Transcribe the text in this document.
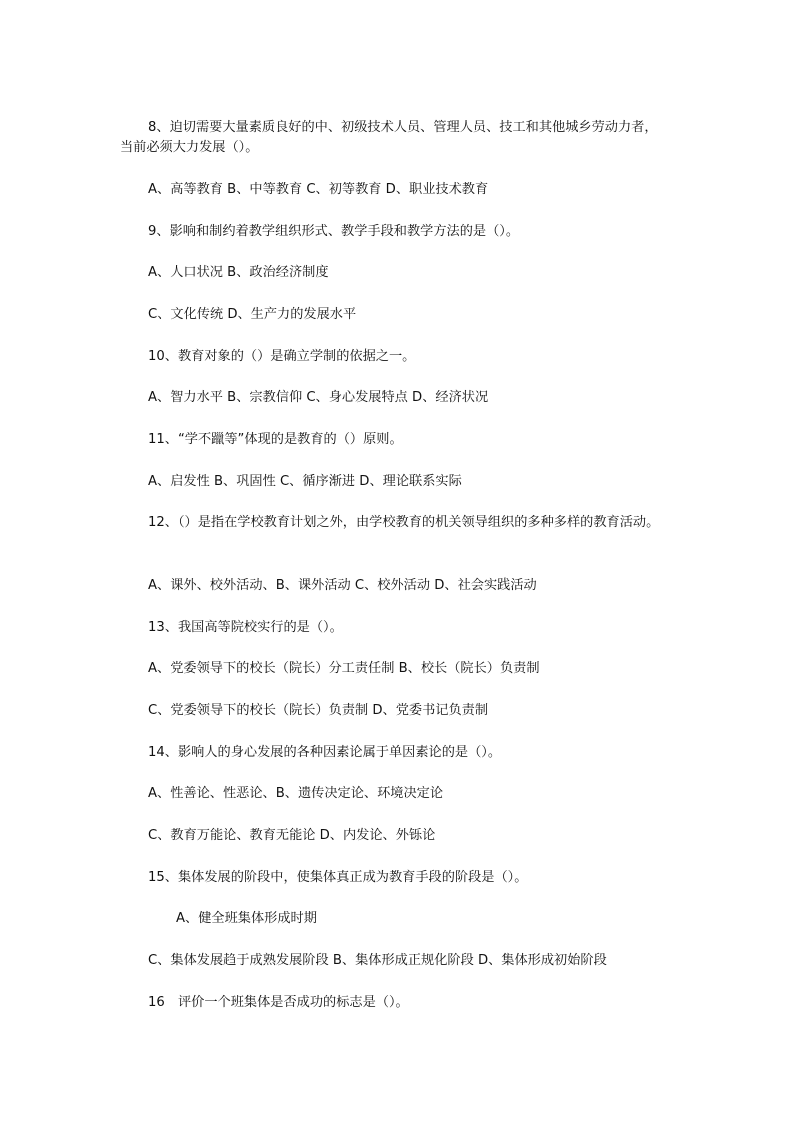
8、迫切需要大量素质良好的中、初级技术人员、管理人员、技工和其他城乡劳动力者，
当前必须大力发展（）。
A、高等教育 B、中等教育 C、初等教育 D、职业技术教育
9、影响和制约着教学组织形式、教学手段和教学方法的是（）。
A、人口状况 B、政治经济制度
C、文化传统 D、生产力的发展水平
10、教育对象的（）是确立学制的依据之一。
A、智力水平 B、宗教信仰 C、身心发展特点 D、经济状况
11、“学不躐等”体现的是教育的（）原则。
A、启发性 B、巩固性 C、循序渐进 D、理论联系实际
12、（）是指在学校教育计划之外，由学校教育的机关领导组织的多种多样的教育活动。
A、课外、校外活动、B、课外活动 C、校外活动 D、社会实践活动
13、我国高等院校实行的是（）。
A、党委领导下的校长（院长）分工责任制 B、校长（院长）负责制
C、党委领导下的校长（院长）负责制 D、党委书记负责制
14、影响人的身心发展的各种因素论属于单因素论的是（）。
A、性善论、性恶论、B、遗传决定论、环境决定论
C、教育万能论、教育无能论 D、内发论、外铄论
15、集体发展的阶段中，使集体真正成为教育手段的阶段是（）。
A、健全班集体形成时期
C、集体发展趋于成熟发展阶段 B、集体形成正规化阶段 D、集体形成初始阶段
16　评价一个班集体是否成功的标志是（）。
